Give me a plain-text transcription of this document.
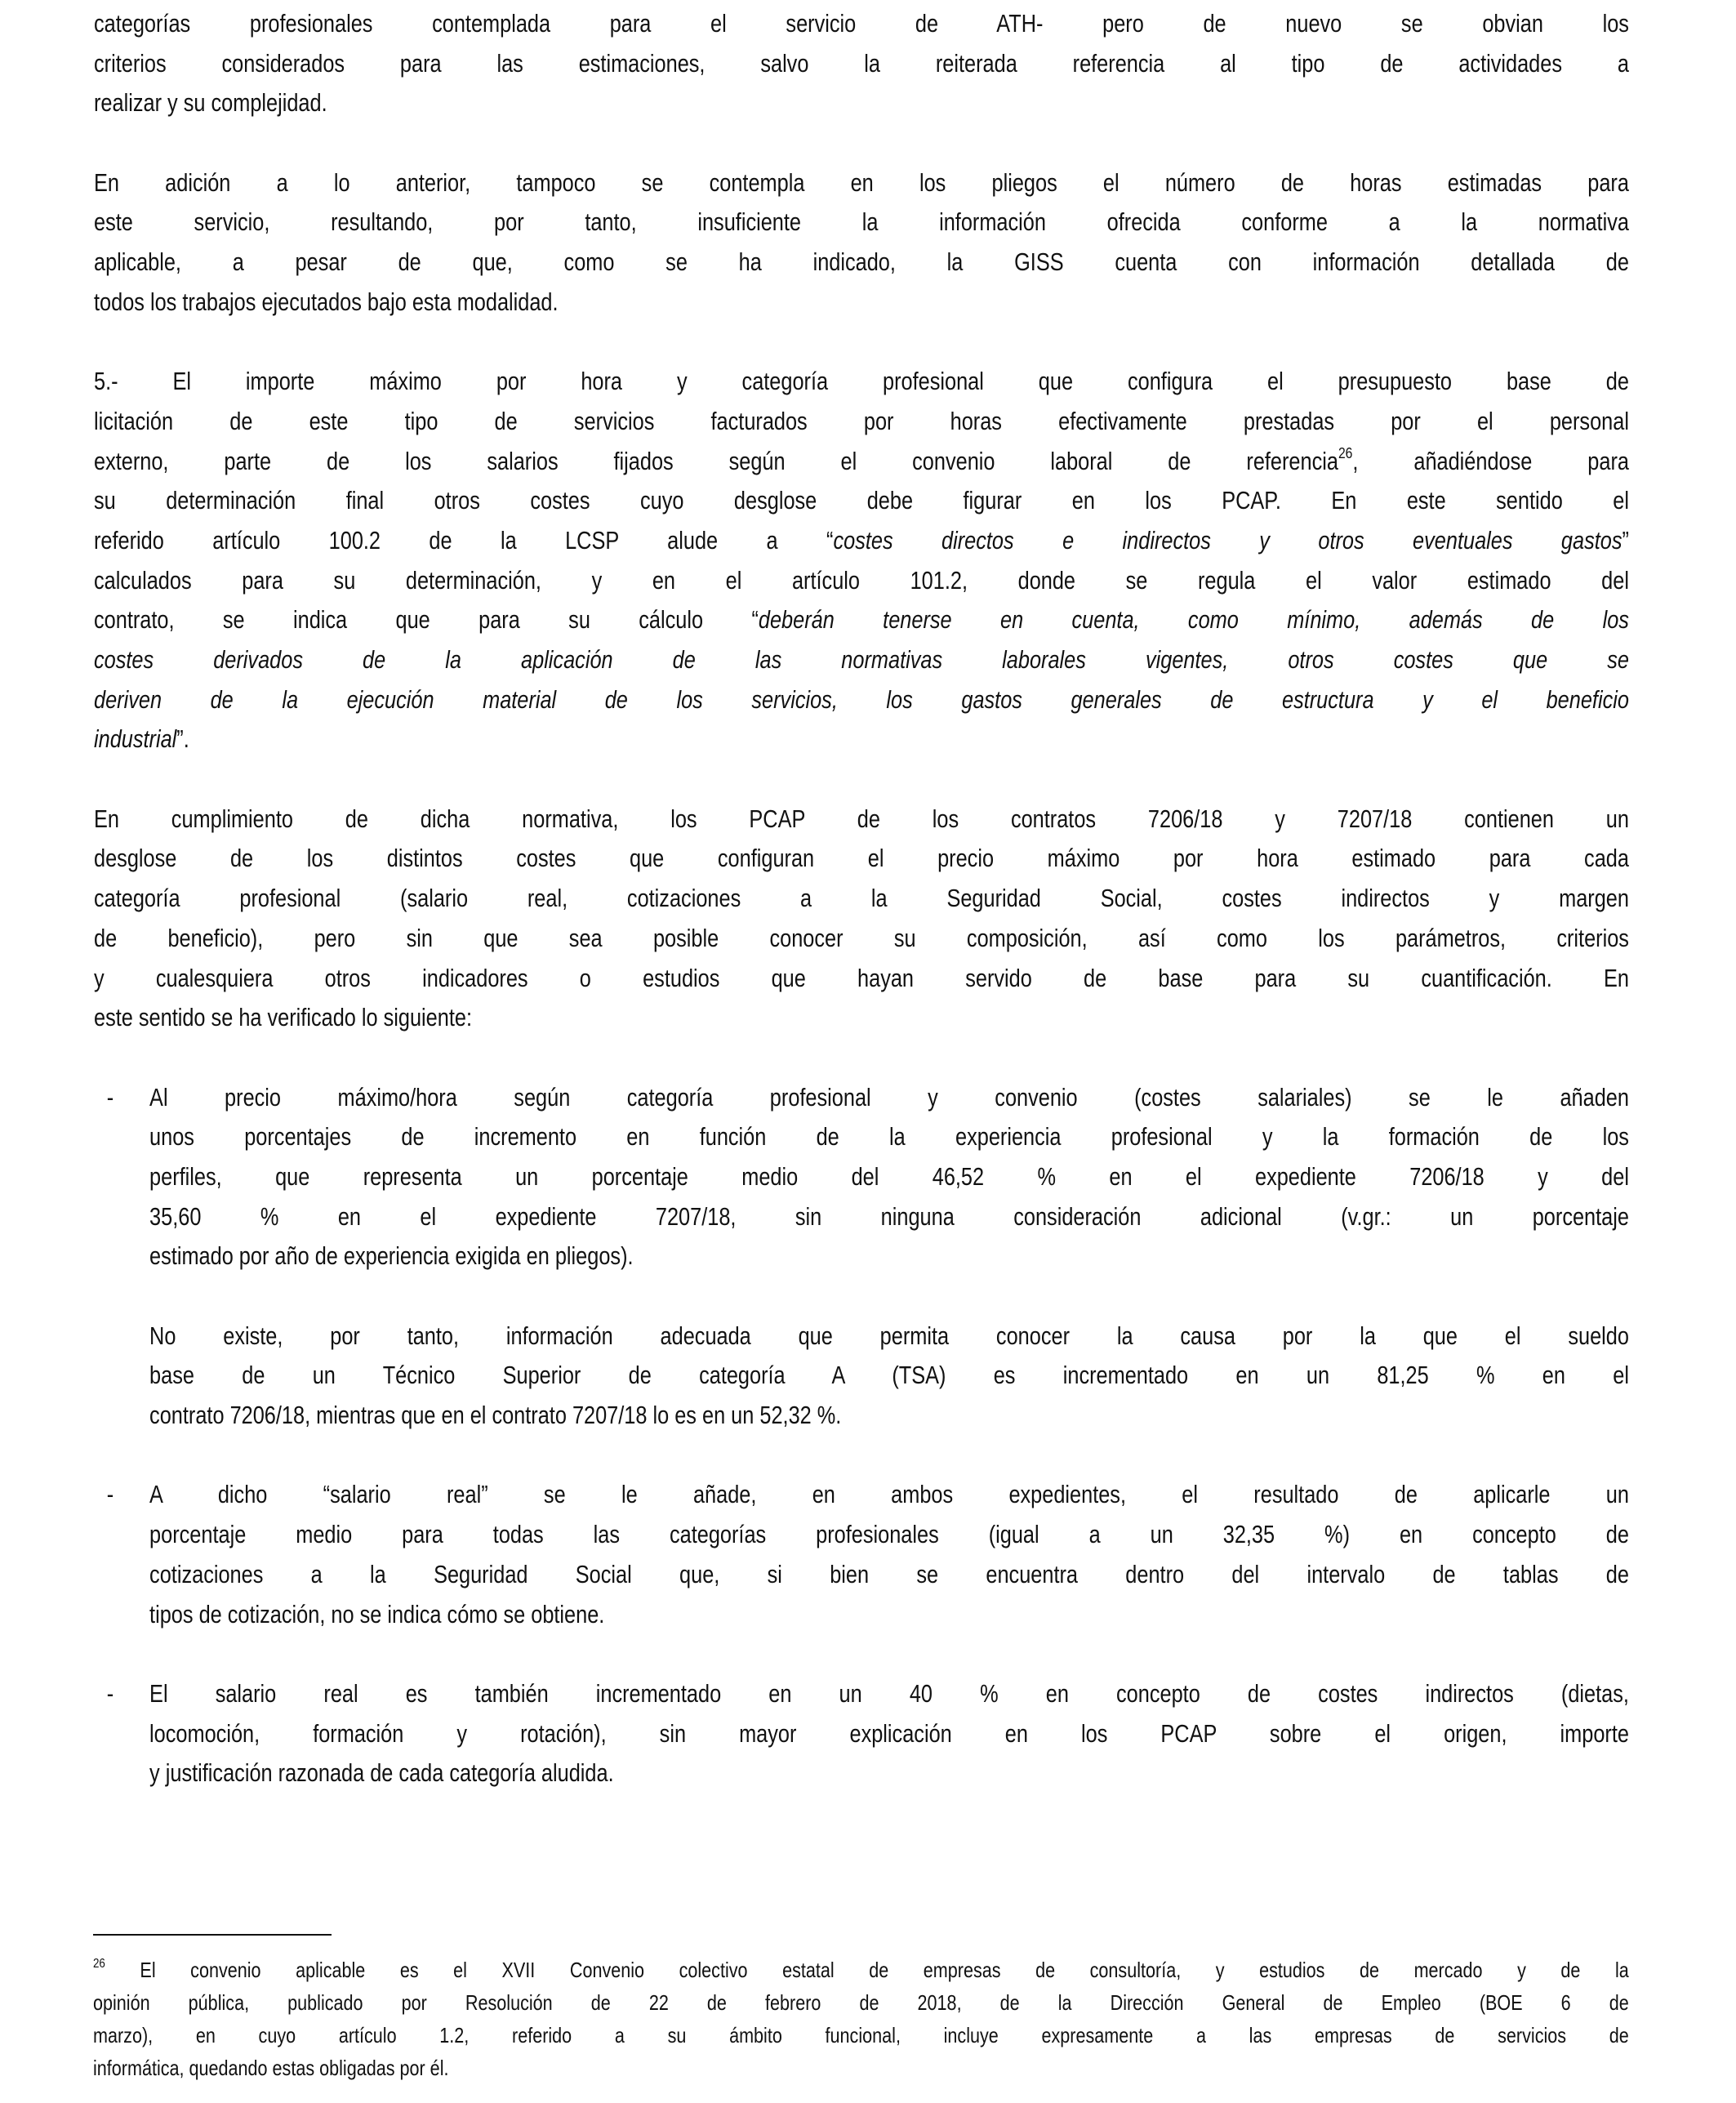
categorías profesionales contemplada para el servicio de ATH- pero de nuevo se obvian los
criterios considerados para las estimaciones, salvo la reiterada referencia al tipo de actividades a
realizar y su complejidad.
En adición a lo anterior, tampoco se contempla en los pliegos el número de horas estimadas para
este servicio, resultando, por tanto, insuficiente la información ofrecida conforme a la normativa
aplicable, a pesar de que, como se ha indicado, la GISS cuenta con información detallada de
todos los trabajos ejecutados bajo esta modalidad.
5.- El importe máximo por hora y categoría profesional que configura el presupuesto base de
licitación de este tipo de servicios facturados por horas efectivamente prestadas por el personal
externo, parte de los salarios fijados según el convenio laboral de referencia$^{26}$, añadiéndose para
su determinación final otros costes cuyo desglose debe figurar en los PCAP. En este sentido el
referido artículo 100.2 de la LCSP alude a “costes directos e indirectos y otros eventuales gastos”
calculados para su determinación, y en el artículo 101.2, donde se regula el valor estimado del
contrato, se indica que para su cálculo “deberán tenerse en cuenta, como mínimo, además de los
costes derivados de la aplicación de las normativas laborales vigentes, otros costes que se
deriven de la ejecución material de los servicios, los gastos generales de estructura y el beneficio
industrial”.
En cumplimiento de dicha normativa, los PCAP de los contratos 7206/18 y 7207/18 contienen un
desglose de los distintos costes que configuran el precio máximo por hora estimado para cada
categoría profesional (salario real, cotizaciones a la Seguridad Social, costes indirectos y margen
de beneficio), pero sin que sea posible conocer su composición, así como los parámetros, criterios
y cualesquiera otros indicadores o estudios que hayan servido de base para su cuantificación. En
este sentido se ha verificado lo siguiente:
- Al precio máximo/hora según categoría profesional y convenio (costes salariales) se le añaden
unos porcentajes de incremento en función de la experiencia profesional y la formación de los
perfiles, que representa un porcentaje medio del 46,52 % en el expediente 7206/18 y del
35,60 % en el expediente 7207/18, sin ninguna consideración adicional (v.gr.: un porcentaje
estimado por año de experiencia exigida en pliegos).
No existe, por tanto, información adecuada que permita conocer la causa por la que el sueldo
base de un Técnico Superior de categoría A (TSA) es incrementado en un 81,25 % en el
contrato 7206/18, mientras que en el contrato 7207/18 lo es en un 52,32 %.
- A dicho “salario real” se le añade, en ambos expedientes, el resultado de aplicarle un
porcentaje medio para todas las categorías profesionales (igual a un 32,35 %) en concepto de
cotizaciones a la Seguridad Social que, si bien se encuentra dentro del intervalo de tablas de
tipos de cotización, no se indica cómo se obtiene.
- El salario real es también incrementado en un 40 % en concepto de costes indirectos (dietas,
locomoción, formación y rotación), sin mayor explicación en los PCAP sobre el origen, importe
y justificación razonada de cada categoría aludida.
$^{26}$ El convenio aplicable es el XVII Convenio colectivo estatal de empresas de consultoría, y estudios de mercado y de la
opinión pública, publicado por Resolución de 22 de febrero de 2018, de la Dirección General de Empleo (BOE 6 de
marzo), en cuyo artículo 1.2, referido a su ámbito funcional, incluye expresamente a las empresas de servicios de
informática, quedando estas obligadas por él.
